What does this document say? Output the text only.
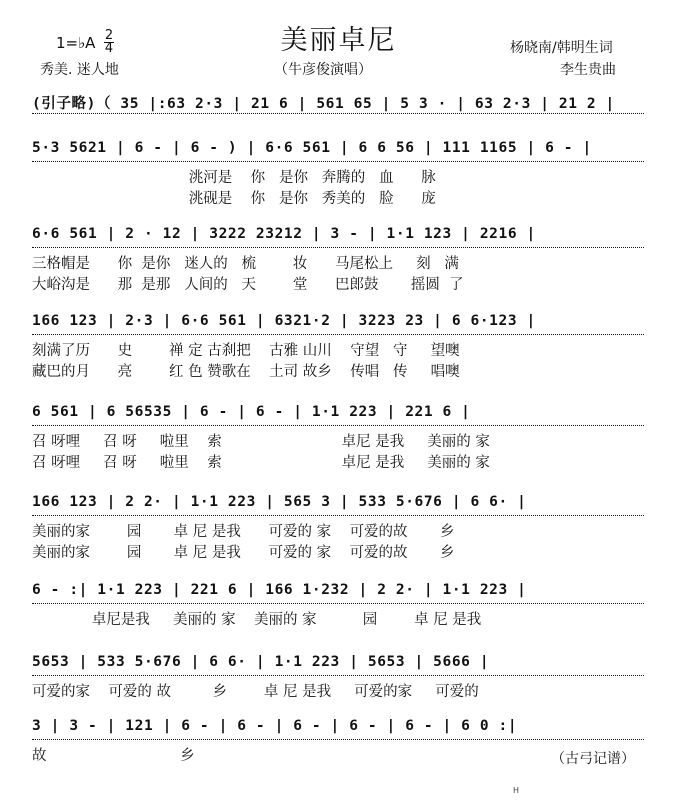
美丽卓尼
1=♭A 2
4
秀美. 迷人地	（牛彦俊演唱）
杨晓南/韩明生词
李生贵曲
(引子略)（ 35 |:63 2·3 | 21 6 | 561 65 | 5 3 · | 63 2·3 | 21 2 |
5·3 5621 | 6 - | 6 - ) | 6·6 561 | 6 6 56 | 111 1165 | 6 - |
洮河是    你   是你   奔腾的   血      脉
洮砚是    你   是你   秀美的   脸      庞
6·6 561 | 2 · 12 | 3222 23212 | 3 - | 1·1 123 | 2216 |
三格帽是      你  是你   迷人的   梳        妆      马尾松上     刻   满
大峪沟是      那  是那   人间的   天        堂      巴郎鼓       摇圆  了
166 123 | 2·3 | 6·6 561 | 6321·2 | 3223 23 | 6 6·123 |
刻满了历      史        禅 定 古刹把    古雅 山川    守望   守     望噢
藏巴的月      亮        红 色 赞歌在    土司 故乡    传唱   传     唱噢
6 561 | 6 56535 | 6 - | 6 - | 1·1 223 | 221 6 |
召 呀哩     召 呀     啦里    索                          卓尼 是我     美丽的 家
召 呀哩     召 呀     啦里    索                          卓尼 是我     美丽的 家
166 123 | 2 2· | 1·1 223 | 565 3 | 533 5·676 | 6 6· |
美丽的家        园       卓 尼 是我      可爱的 家    可爱的故       乡
美丽的家        园       卓 尼 是我      可爱的 家    可爱的故       乡
6 - :| 1·1 223 | 221 6 | 166 1·232 | 2 2· | 1·1 223 |
卓尼是我     美丽的 家    美丽的 家          园        卓 尼 是我
5653 | 533 5·676 | 6 6· | 1·1 223 | 5653 | 5666 |
可爱的家    可爱的 故         乡        卓 尼 是我     可爱的家     可爱的
3 | 3 - | 121 | 6 - | 6 - | 6 - | 6 - | 6 - | 6 0 :|
故                             乡	（古弓记谱）
H
